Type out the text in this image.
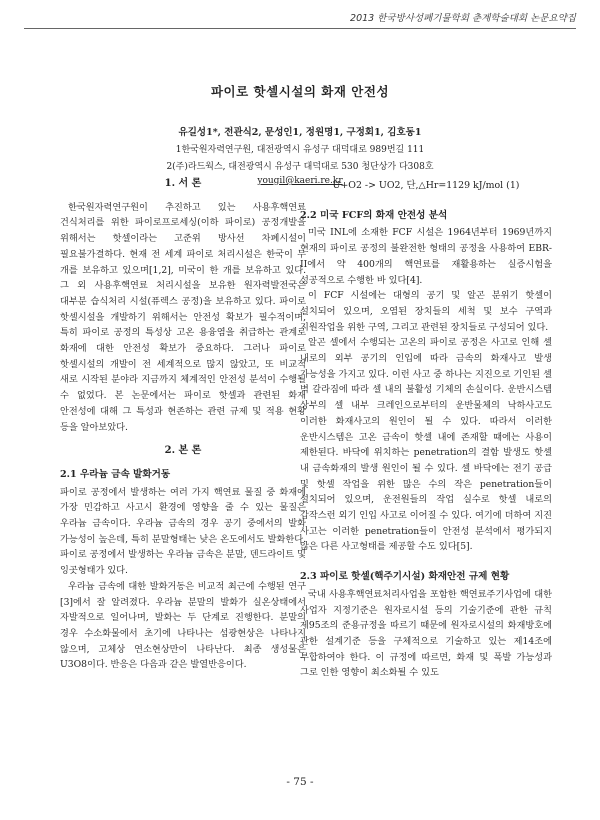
2013 한국방사성폐기물학회 춘계학술대회 논문요약집
파이로 핫셀시설의 화재 안전성
유길성1*, 전관식2, 문성인1, 정원명1, 구정회1, 김호동1
1한국원자력연구원, 대전광역시 유성구 대덕대로 989번길 111
2(주)라드웍스, 대전광역시 유성구 대덕대로 530 청단상가 다308호
yougil@kaeri.re.kr
1. 서 론

한국원자력연구원이 추진하고 있는 사용후핵연료 건식처리를 위한 파이로프로세싱(이하 파이로) 공정개발을 위해서는 핫셀이라는 고준위 방사선 차폐시설이 필요불가결하다. 현재 전 세계 파이로 처리시설은 한국이 두 개를 보유하고 있으며[1,2], 미국이 한 개를 보유하고 있다. 그 외 사용후핵연료 처리시설을 보유한 원자력발전국은 대부분 습식처리 시설(퓨렉스 공정)을 보유하고 있다. 파이로 핫셀시설을 개발하기 위해서는 안전성 확보가 필수적이며, 특히 파이로 공정의 특성상 고온 용융염을 취급하는 관계로 화재에 대한 안전성 확보가 중요하다. 그러나 파이로 핫셀시설의 개발이 전 세계적으로 많지 않았고, 또 비교적 새로 시작된 분야라 지금까지 체계적인 안전성 분석이 수행될 수 없었다. 본 논문에서는 파이로 핫셀과 관련된 화재 안전성에 대해 그 특성과 현존하는 관련 규제 및 적용 현황 등을 알아보았다.

2. 본 론
2.1 우라늄 금속 발화거동

파이로 공정에서 발생하는 여러 가지 핵연료 물질 중 화재에 가장 민감하고 사고시 환경에 영향을 줄 수 있는 물질은 우라늄 금속이다. 우라늄 금속의 경우 공기 중에서의 발화 가능성이 높은데, 특히 분말형태는 낮은 온도에서도 발화한다. 파이로 공정에서 발생하는 우라늄 금속은 분말, 덴드라이트 및 잉곳형태가 있다.

우라늄 금속에 대한 발화거동은 비교적 최근에 수행된 연구[3]에서 잘 알려졌다. 우라늄 분말의 발화가 실온상태에서 자발적으로 일어나며, 발화는 두 단계로 진행한다. 분말의 경우 수소화물에서 초기에 나타나는 섬광현상은 나타나지 않으며, 고체상 연소현상만이 나타난다. 최종 생성물은 U3O8이다. 반응은 다음과 같은 발열반응이다.

U+O2 -> UO2, 단,△Hr=1129 kJ/mol (1)
2.2 미국 FCF의 화재 안전성 분석

미국 INL에 소재한 FCF 시설은 1964년부터 1969년까지 현재의 파이로 공정의 불완전한 형태의 공정을 사용하여 EBR-II에서 약 400개의 핵연료를 재활용하는 실증시험을 성공적으로 수행한 바 있다[4].

이 FCF 시설에는 대형의 공기 및 알곤 분위기 핫셀이 설치되어 있으며, 오염된 장치들의 세척 및 보수 구역과 지원작업을 위한 구역, 그리고 관련된 장치들로 구성되어 있다.

알곤 셀에서 수행되는 고온의 파이로 공정은 사고로 인해 셀 내로의 외부 공기의 인입에 따라 금속의 화재사고 발생 가능성을 가지고 있다. 이런 사고 중 하나는 지진으로 기인된 셀 벽 갈라짐에 따라 셀 내의 불활성 기체의 손실이다. 운반시스템 상부의 셀 내부 크레인으로부터의 운반물체의 낙하사고도 이러한 화재사고의 원인이 될 수 있다. 따라서 이러한 운반시스템은 고온 금속이 핫셀 내에 존재할 때에는 사용이 제한된다. 바닥에 위치하는 penetration의 결함 발생도 핫셀 내 금속화재의 발생 원인이 될 수 있다. 셀 바닥에는 전기 공급 및 핫셀 작업을 위한 많은 수의 작은 penetration들이 설치되어 있으며, 운전원들의 작업 실수로 핫셀 내로의 갑작스런 외기 인입 사고로 이어질 수 있다. 여기에 더하여 지진 사고는 이러한 penetration들이 안전성 분석에서 평가되지 않은 다른 사고형태를 제공할 수도 있다[5].

2.3 파이로 핫셀(핵주기시설) 화재안전 규제 현황

국내 사용후핵연료처리사업을 포함한 핵연료주기사업에 대한 사업자 지정기준은 원자로시설 등의 기술기준에 관한 규칙 제95조의 준용규정을 따르기 때문에 원자로시설의 화재방호에 관한 설계기준 등을 구체적으로 기술하고 있는 제14조에 부합하여야 한다. 이 규정에 따르면, 화재 및 폭발 가능성과 그로 인한 영향이 최소화될 수 있도

- 75 -
